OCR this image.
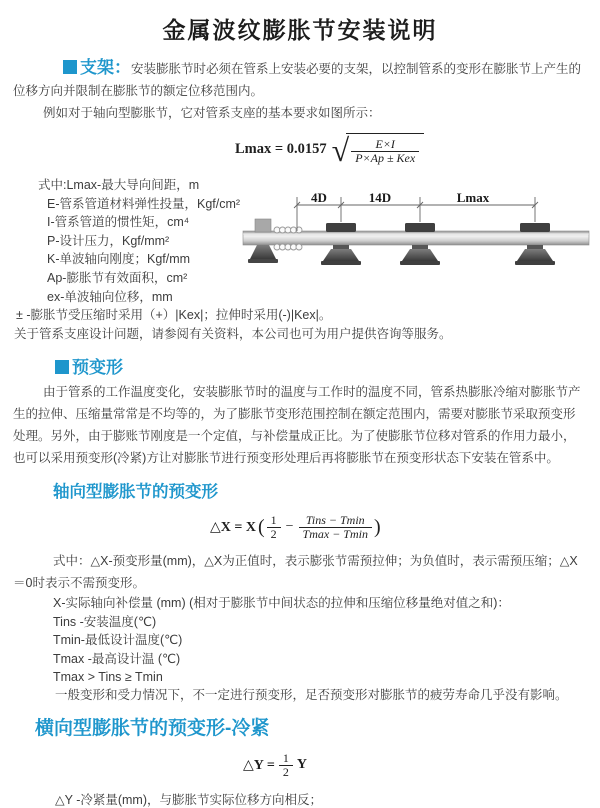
金属波纹膨胀节安装说明

支架：安装膨胀节时必须在管系上安装必要的支架，以控制管系的变形在膨胀节上产生的位移方向并限制在膨胀节的额定位移范围内。

例如对于轴向型膨胀节，它对管系支座的基本要求如图所示：

Lmax = 0.0157 √	E×I
P×Ap ± Kex
式中:Lmax-最大导向间距，m
E-管系管道材料弹性投量，Kgf/cm²
I-管系管道的惯性矩，cm⁴
P-设计压力，Kgf/mm²
K-单波轴向刚度；Kgf/mm
Ap-膨胀节有效面积，cm²
ex-单波轴向位移，mm
± -膨胀节受压缩时采用（+）|Kex|；拉伸时采用(-)|Kex|。
关于管系支座设计问题，请参阅有关资料，本公司也可为用户提供咨询等服务。
预变形

由于管系的工作温度变化，安装膨胀节时的温度与工作时的温度不同，管系热膨胀冷缩对膨胀节产生的拉伸、压缩量常常是不均等的，为了膨胀节变形范围控制在额定范围内，需要对膨胀节采取预变形处理。另外，由于膨账节刚度是一个定值，与补偿量成正比。为了使膨胀节位移对管系的作用力最小，也可以采用预变形(冷紧)方让对膨胀节进行预变形处理后再将膨胀节在预变形状态下安装在管系中。

轴向型膨胀节的预变形
△X = X ( $\frac{1}{2}$ −	Tins − Tmin
Tmax − Tmin )

式中：△X-预变形量(mm)，△X为正值时，表示膨张节需预拉伸；为负值时，表示需预压缩；△X＝0时表示不需预变形。

X-实际轴向补偿量 (mm) (相对于膨胀节中间状态的拉伸和压缩位移量绝对值之和)：
Tins -安装温度(℃)
Tmin-最低设计温度(℃)
Tmax -最高设计温 (℃)
Tmax > Tins ≥ Tmin
一般变形和受力情况下，不一定进行预变形，足否预变形对膨胀节的疲劳寿命几乎没有影响。
横向型膨胀节的预变形-冷紧
△Y = $\frac{1}{2}$ Y
△Y -冷紧量(mm)，与膨胀节实际位移方向相反；
4D	14D	Lmax
